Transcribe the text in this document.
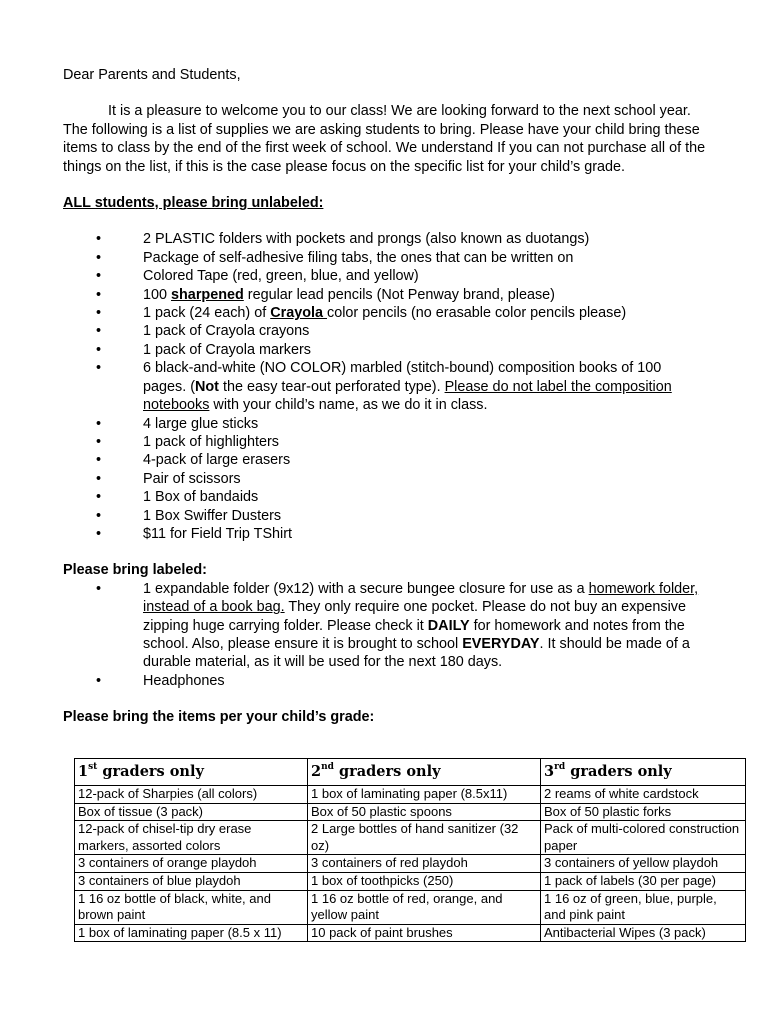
Dear Parents and Students,

It is a pleasure to welcome you to our class! We are looking forward to the next school year. The following is a list of supplies we are asking students to bring. Please have your child bring these items to class by the end of the first week of school. We understand If you can not purchase all of the things on the list, if this is the case please focus on the specific list for your child’s grade.

ALL students, please bring unlabeled:

• 2 PLASTIC folders with pockets and prongs (also known as duotangs)
• Package of self-adhesive filing tabs, the ones that can be written on
• Colored Tape (red, green, blue, and yellow)
• 100 sharpened regular lead pencils (Not Penway brand, please)
• 1 pack (24 each) of Crayola color pencils (no erasable color pencils please)
• 1 pack of Crayola crayons
• 1 pack of Crayola markers
• 6 black-and-white (NO COLOR) marbled (stitch-bound) composition books of 100 pages. (Not the easy tear-out perforated type). Please do not label the composition notebooks with your child’s name, as we do it in class.
• 4 large glue sticks
• 1 pack of highlighters
• 4-pack of large erasers
• Pair of scissors
• 1 Box of bandaids
• 1 Box Swiffer Dusters
• $11 for Field Trip TShirt

Please bring labeled:

• 1 expandable folder (9x12) with a secure bungee closure for use as a homework folder, instead of a book bag. They only require one pocket. Please do not buy an expensive zipping huge carrying folder. Please check it DAILY for homework and notes from the school. Also, please ensure it is brought to school EVERYDAY. It should be made of a durable material, as it will be used for the next 180 days.
• Headphones

Please bring the items per your child’s grade:

1st graders only	2nd graders only	3rd graders only
12-pack of Sharpies (all colors)	1 box of laminating paper (8.5x11)	2 reams of white cardstock
Box of tissue (3 pack)	Box of 50 plastic spoons	Box of 50 plastic forks
12-pack of chisel-tip dry erase markers, assorted colors	2 Large bottles of hand sanitizer (32 oz)	Pack of multi-colored construction paper
3 containers of orange playdoh	3 containers of red playdoh	3 containers of yellow playdoh
3 containers of blue playdoh	1 box of toothpicks (250)	1 pack of labels (30 per page)
1 16 oz bottle of black, white, and brown paint	1 16 oz bottle of red, orange, and yellow paint	1 16 oz of green, blue, purple, and pink paint
1 box of laminating paper (8.5 x 11)	10 pack of paint brushes	Antibacterial Wipes (3 pack)
